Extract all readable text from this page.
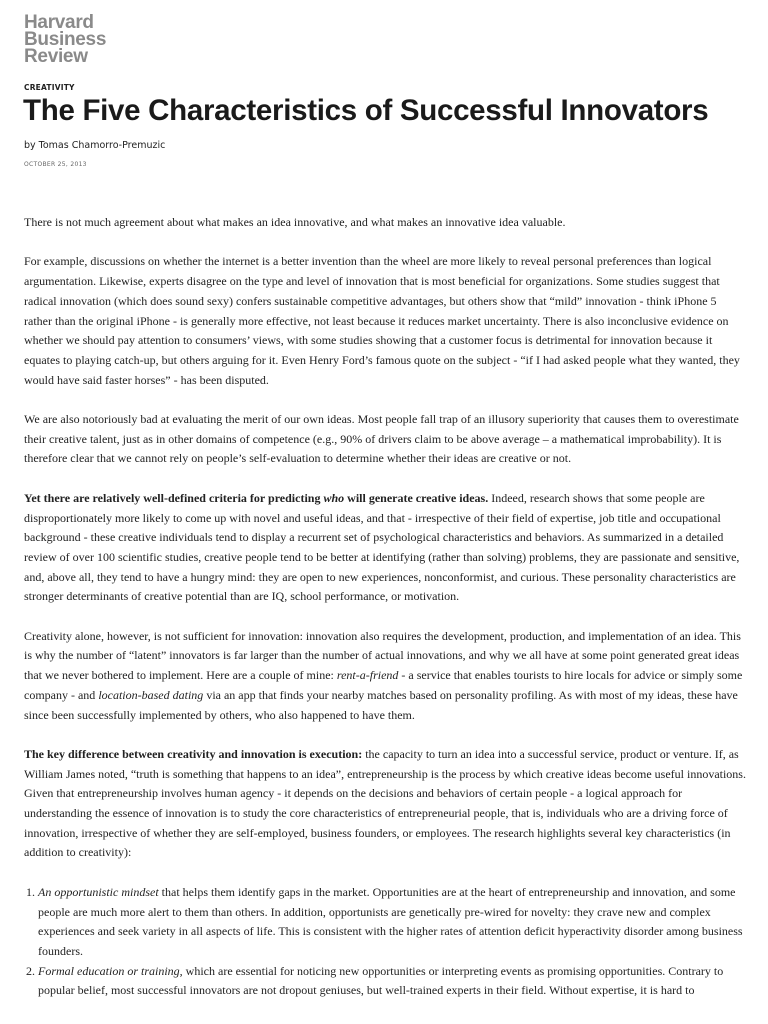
Harvard
Business
Review
CREATIVITY
The Five Characteristics of Successful Innovators
by Tomas Chamorro-Premuzic
OCTOBER 25, 2013

There is not much agreement about what makes an idea innovative, and what makes an innovative idea valuable.

For example, discussions on whether the internet is a better invention than the wheel are more likely to reveal personal preferences than logical argumentation. Likewise, experts disagree on the type and level of innovation that is most beneficial for organizations. Some studies suggest that radical innovation (which does sound sexy) confers sustainable competitive advantages, but others show that “mild” innovation - think iPhone 5 rather than the original iPhone - is generally more effective, not least because it reduces market uncertainty. There is also inconclusive evidence on whether we should pay attention to consumers’ views, with some studies showing that a customer focus is detrimental for innovation because it equates to playing catch-up, but others arguing for it. Even Henry Ford’s famous quote on the subject - “if I had asked people what they wanted, they would have said faster horses” - has been disputed.

We are also notoriously bad at evaluating the merit of our own ideas. Most people fall trap of an illusory superiority that causes them to overestimate their creative talent, just as in other domains of competence (e.g., 90% of drivers claim to be above average – a mathematical improbability). It is therefore clear that we cannot rely on people’s self-evaluation to determine whether their ideas are creative or not.

Yet there are relatively well-defined criteria for predicting who will generate creative ideas. Indeed, research shows that some people are disproportionately more likely to come up with novel and useful ideas, and that - irrespective of their field of expertise, job title and occupational background - these creative individuals tend to display a recurrent set of psychological characteristics and behaviors. As summarized in a detailed review of over 100 scientific studies, creative people tend to be better at identifying (rather than solving) problems, they are passionate and sensitive, and, above all, they tend to have a hungry mind: they are open to new experiences, nonconformist, and curious. These personality characteristics are stronger determinants of creative potential than are IQ, school performance, or motivation.

Creativity alone, however, is not sufficient for innovation: innovation also requires the development, production, and implementation of an idea. This is why the number of “latent” innovators is far larger than the number of actual innovations, and why we all have at some point generated great ideas that we never bothered to implement. Here are a couple of mine: rent-a-friend - a service that enables tourists to hire locals for advice or simply some company - and location-based dating via an app that finds your nearby matches based on personality profiling. As with most of my ideas, these have since been successfully implemented by others, who also happened to have them.

The key difference between creativity and innovation is execution: the capacity to turn an idea into a successful service, product or venture. If, as William James noted, “truth is something that happens to an idea”, entrepreneurship is the process by which creative ideas become useful innovations. Given that entrepreneurship involves human agency - it depends on the decisions and behaviors of certain people - a logical approach for understanding the essence of innovation is to study the core characteristics of entrepreneurial people, that is, individuals who are a driving force of innovation, irrespective of whether they are self-employed, business founders, or employees. The research highlights several key characteristics (in addition to creativity):

1. An opportunistic mindset that helps them identify gaps in the market. Opportunities are at the heart of entrepreneurship and innovation, and some people are much more alert to them than others. In addition, opportunists are genetically pre-wired for novelty: they crave new and complex experiences and seek variety in all aspects of life. This is consistent with the higher rates of attention deficit hyperactivity disorder among business founders.
2. Formal education or training, which are essential for noticing new opportunities or interpreting events as promising opportunities. Contrary to popular belief, most successful innovators are not dropout geniuses, but well-trained experts in their field. Without expertise, it is hard to
